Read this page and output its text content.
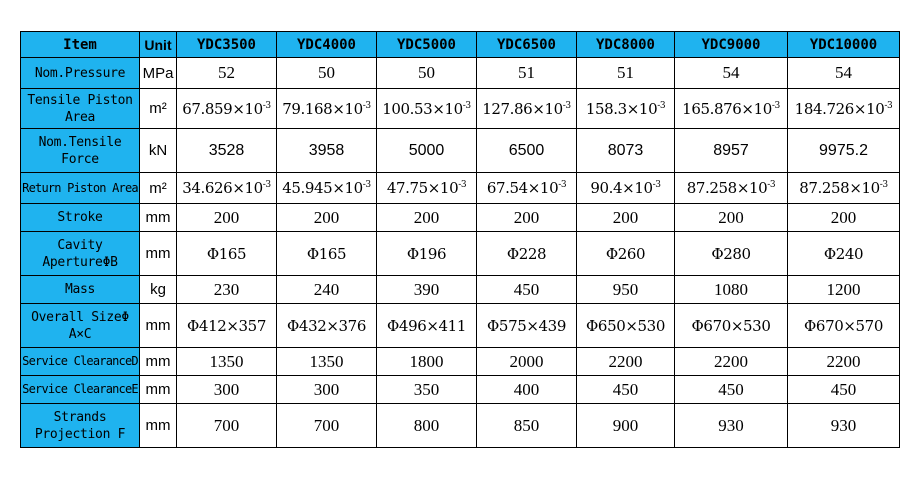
Item	Unit	YDC3500	YDC4000	YDC5000	YDC6500	YDC8000	YDC9000	YDC10000
Nom.Pressure	MPa	52	50	50	51	51	54	54
Tensile Piston Area	m²	$67.859\times 10^{-3}$	$79.168\times 10^{-3}$	$100.53\times 10^{-3}$	$127.86\times 10^{-3}$	$158.3\times 10^{-3}$	$165.876\times 10^{-3}$	$184.726\times 10^{-3}$
Nom.Tensile Force	kN	3528	3958	5000	6500	8073	8957	9975.2
Return Piston Area	m²	$34.626\times 10^{-3}$	$45.945\times 10^{-3}$	$47.75\times 10^{-3}$	$67.54\times 10^{-3}$	$90.4\times 10^{-3}$	$87.258\times 10^{-3}$	$87.258\times 10^{-3}$
Stroke	mm	200	200	200	200	200	200	200
Cavity ApertureΦB	mm	Φ165	Φ165	Φ196	Φ228	Φ260	Φ280	Φ240
Mass	kg	230	240	390	450	950	1080	1200
Overall SizeΦ A×C	mm	Φ412×357	Φ432×376	Φ496×411	Φ575×439	Φ650×530	Φ670×530	Φ670×570
Service ClearanceD	mm	1350	1350	1800	2000	2200	2200	2200
Service ClearanceE	mm	300	300	350	400	450	450	450
Strands Projection F	mm	700	700	800	850	900	930	930
